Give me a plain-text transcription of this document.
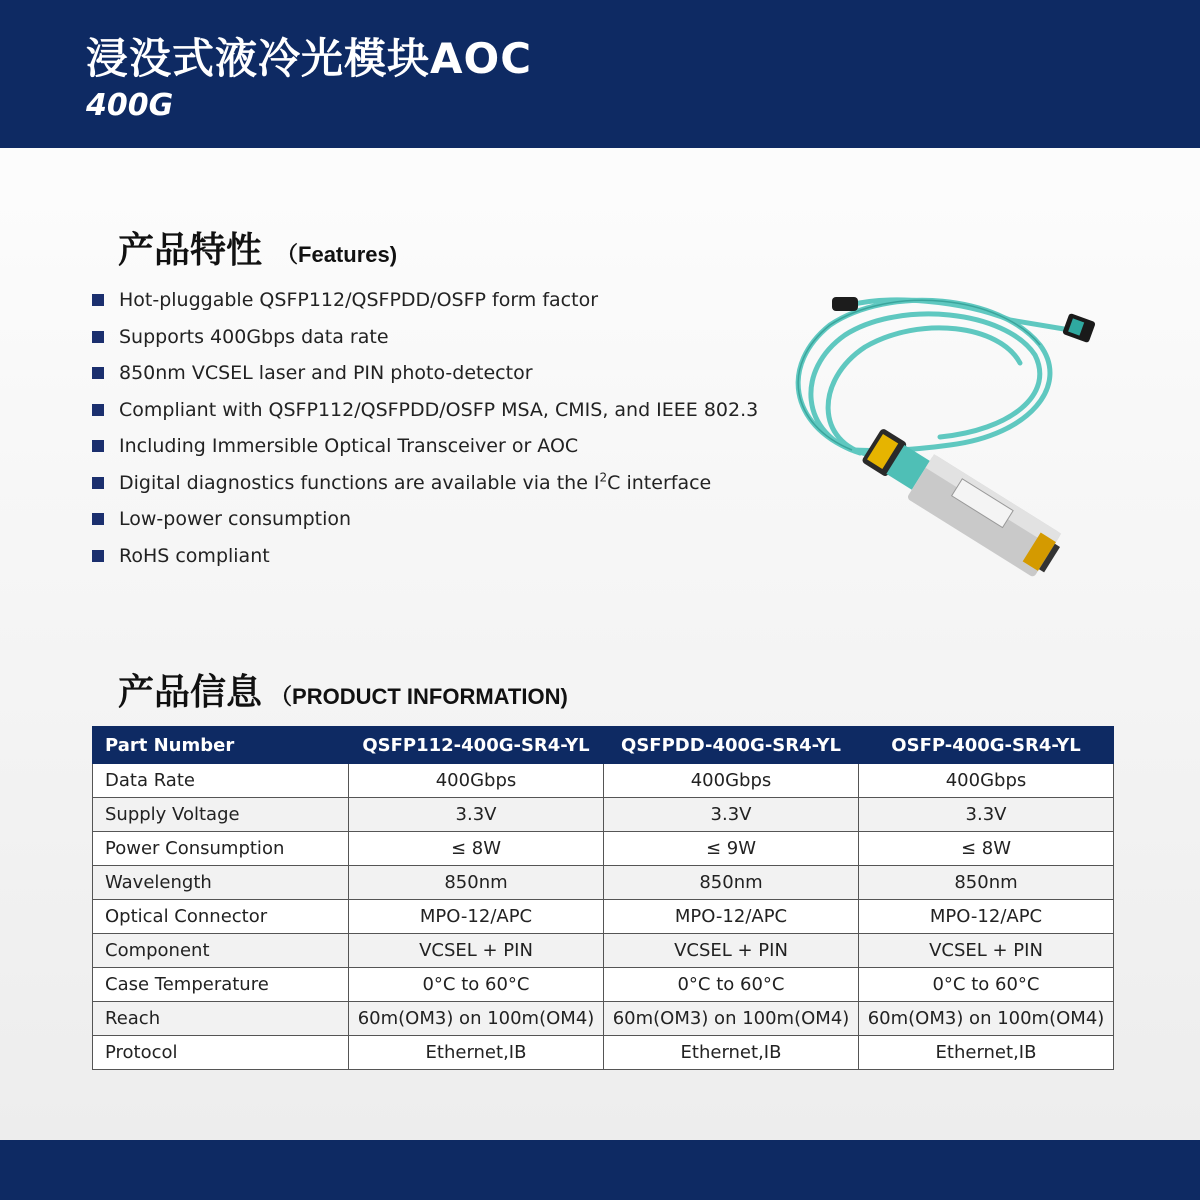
浸没式液冷光模块AOC
400G
产品特性 （Features)
Hot-pluggable QSFP112/QSFPDD/OSFP form factor
Supports 400Gbps data rate
850nm VCSEL laser and PIN photo-detector
Compliant with QSFP112/QSFPDD/OSFP MSA, CMIS, and IEEE 802.3
Including Immersible Optical Transceiver or AOC
Digital diagnostics functions are available via the $I^2C$ interface
Low-power consumption
RoHS compliant
产品信息 （PRODUCT INFORMATION)
Part Number	QSFP112-400G-SR4-YL	QSFPDD-400G-SR4-YL	OSFP-400G-SR4-YL
Data Rate	400Gbps	400Gbps	400Gbps
Supply Voltage	3.3V	3.3V	3.3V
Power Consumption	≤ 8W	≤ 9W	≤ 8W
Wavelength	850nm	850nm	850nm
Optical Connector	MPO-12/APC	MPO-12/APC	MPO-12/APC
Component	VCSEL + PIN	VCSEL + PIN	VCSEL + PIN
Case Temperature	0°C to 60°C	0°C to 60°C	0°C to 60°C
Reach	60m(OM3) on 100m(OM4)	60m(OM3) on 100m(OM4)	60m(OM3) on 100m(OM4)
Protocol	Ethernet,IB	Ethernet,IB	Ethernet,IB
